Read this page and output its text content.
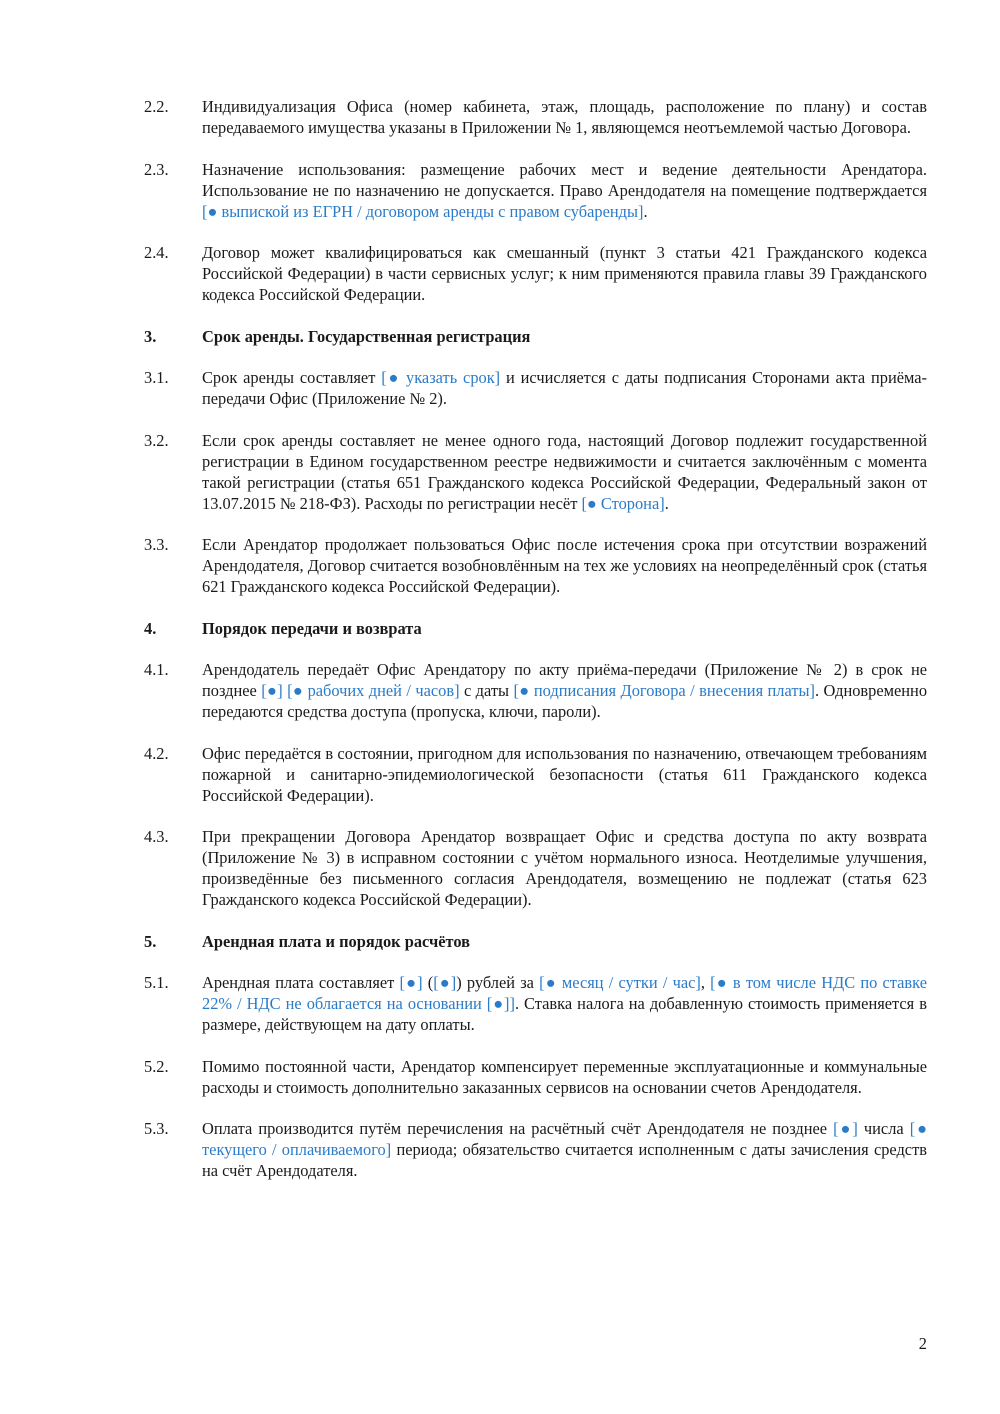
2.2.	Индивидуализация Офиса (номер кабинета, этаж, площадь, расположение по плану) и состав передаваемого имущества указаны в Приложении № 1, являющемся неотъемлемой частью Договора.
2.3.	Назначение использования: размещение рабочих мест и ведение деятельности Арендатора. Использование не по назначению не допускается. Право Арендодателя на помещение подтверждается [● выпиской из ЕГРН / договором аренды с правом субаренды].
2.4.	Договор может квалифицироваться как смешанный (пункт 3 статьи 421 Гражданского кодекса Российской Федерации) в части сервисных услуг; к ним применяются правила главы 39 Гражданского кодекса Российской Федерации.
3.	Срок аренды. Государственная регистрация
3.1.	Срок аренды составляет [● указать срок] и исчисляется с даты подписания Сторонами акта приёма-передачи Офис (Приложение № 2).
3.2.	Если срок аренды составляет не менее одного года, настоящий Договор подлежит государственной регистрации в Едином государственном реестре недвижимости и считается заключённым с момента такой регистрации (статья 651 Гражданского кодекса Российской Федерации, Федеральный закон от 13.07.2015 № 218-ФЗ). Расходы по регистрации несёт [● Сторона].
3.3.	Если Арендатор продолжает пользоваться Офис после истечения срока при отсутствии возражений Арендодателя, Договор считается возобновлённым на тех же условиях на неопределённый срок (статья 621 Гражданского кодекса Российской Федерации).
4.	Порядок передачи и возврата
4.1.	Арендодатель передаёт Офис Арендатору по акту приёма-передачи (Приложение № 2) в срок не позднее [●] [● рабочих дней / часов] с даты [● подписания Договора / внесения платы]. Одновременно передаются средства доступа (пропуска, ключи, пароли).
4.2.	Офис передаётся в состоянии, пригодном для использования по назначению, отвечающем требованиям пожарной и санитарно-эпидемиологической безопасности (статья 611 Гражданского кодекса Российской Федерации).
4.3.	При прекращении Договора Арендатор возвращает Офис и средства доступа по акту возврата (Приложение № 3) в исправном состоянии с учётом нормального износа. Неотделимые улучшения, произведённые без письменного согласия Арендодателя, возмещению не подлежат (статья 623 Гражданского кодекса Российской Федерации).
5.	Арендная плата и порядок расчётов
5.1.	Арендная плата составляет [●] ([●]) рублей за [● месяц / сутки / час], [● в том числе НДС по ставке 22% / НДС не облагается на основании [●]]. Ставка налога на добавленную стоимость применяется в размере, действующем на дату оплаты.
5.2.	Помимо постоянной части, Арендатор компенсирует переменные эксплуатационные и коммунальные расходы и стоимость дополнительно заказанных сервисов на основании счетов Арендодателя.
5.3.	Оплата производится путём перечисления на расчётный счёт Арендодателя не позднее [●] числа [● текущего / оплачиваемого] периода; обязательство считается исполненным с даты зачисления средств на счёт Арендодателя.
2
